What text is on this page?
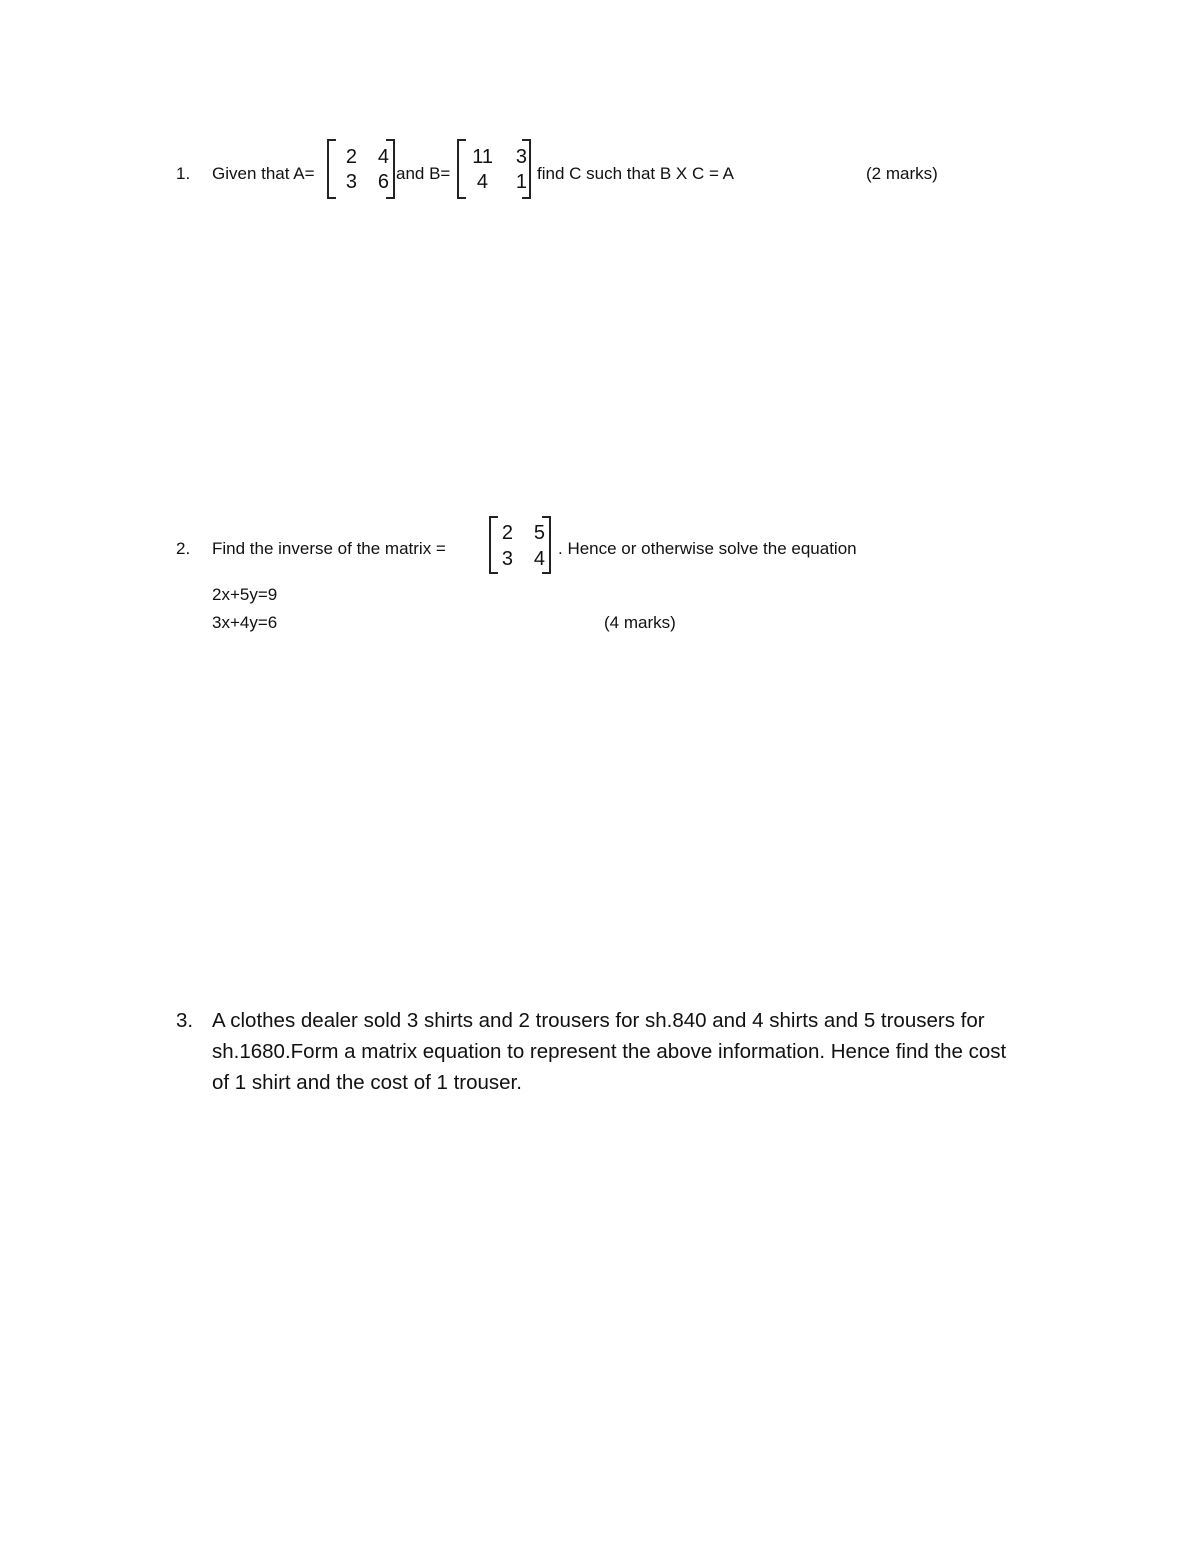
1. Given that A=
2	4
3	6 and B=
11	3
4	1 find C such that B X C = A	(2 marks)
2. Find the inverse of the matrix =
2	5
3	4 . Hence or otherwise solve the equation
2x+5y=9
3x+4y=6	(4 marks)
3. A clothes dealer sold 3 shirts and 2 trousers for sh.840 and 4 shirts and 5 trousers for
sh.1680.Form a matrix equation to represent the above information. Hence find the cost
of 1 shirt and the cost of 1 trouser.
